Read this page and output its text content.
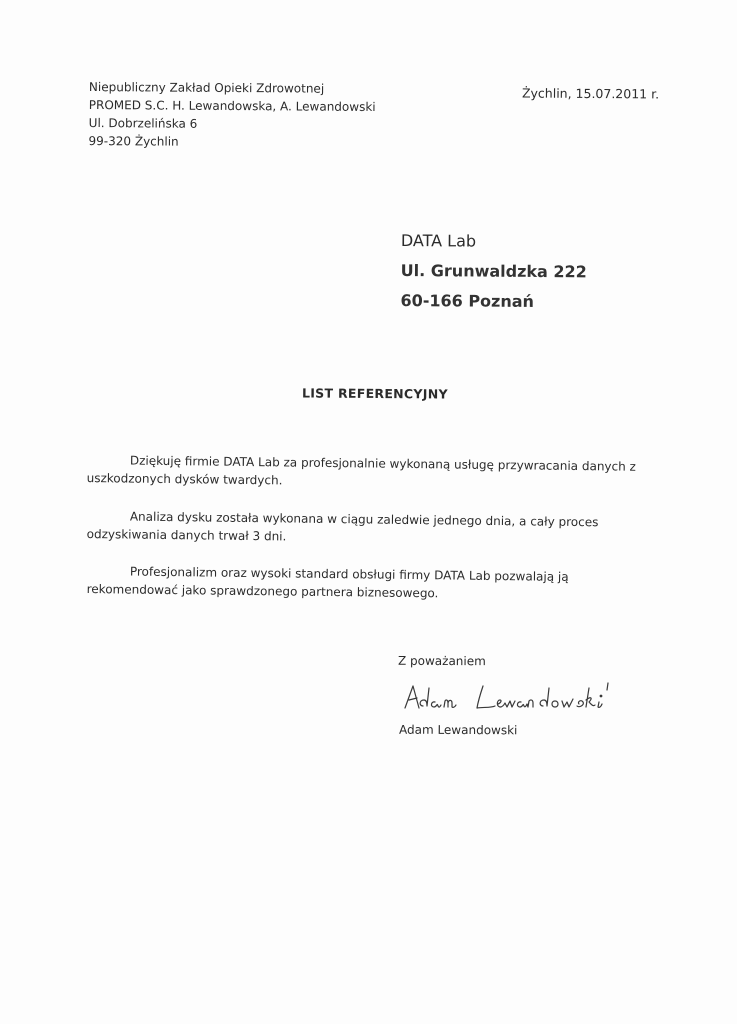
Niepubliczny Zakład Opieki Zdrowotnej
PROMED S.C. H. Lewandowska, A. Lewandowski
Ul. Dobrzelińska 6
99-320 Żychlin
Żychlin, 15.07.2011 r.
DATA Lab
Ul. Grunwaldzka 222
60-166 Poznań
LIST REFERENCYJNY
Dziękuję firmie DATA Lab za profesjonalnie wykonaną usługę przywracania danych z
uszkodzonych dysków twardych.
Analiza dysku została wykonana w ciągu zaledwie jednego dnia, a cały proces
odzyskiwania danych trwał 3 dni.
Profesjonalizm oraz wysoki standard obsługi firmy DATA Lab pozwalają ją
rekomendować jako sprawdzonego partnera biznesowego.
Z poważaniem
Adam Lewandowski
